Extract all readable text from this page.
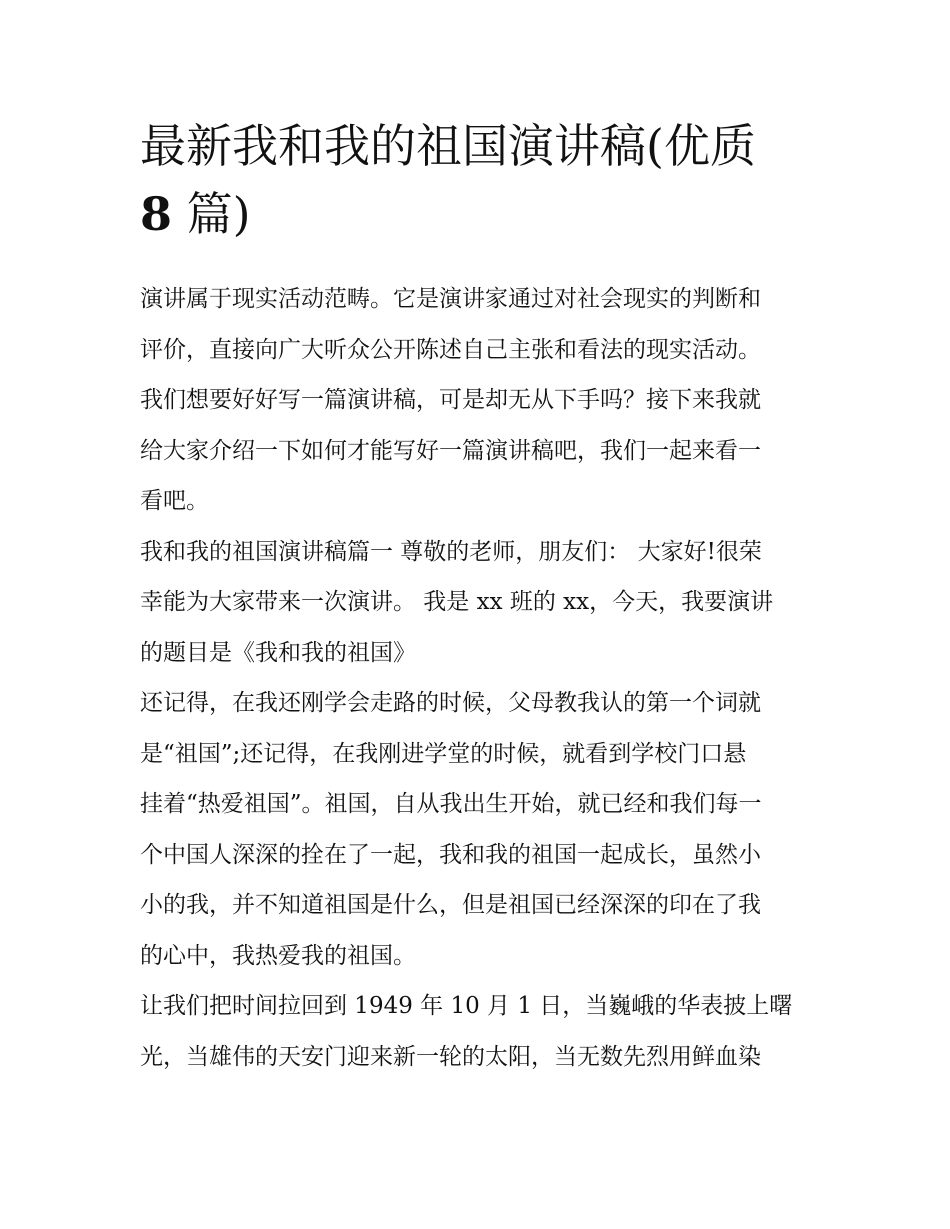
最新我和我的祖国演讲稿(优质
8 篇)

演讲属于现实活动范畴。它是演讲家通过对社会现实的判断和
评价，直接向广大听众公开陈述自己主张和看法的现实活动。
我们想要好好写一篇演讲稿，可是却无从下手吗？接下来我就
给大家介绍一下如何才能写好一篇演讲稿吧，我们一起来看一
看吧。

我和我的祖国演讲稿篇一 尊敬的老师，朋友们： 大家好!很荣
幸能为大家带来一次演讲。 我是 xx 班的 xx，今天，我要演讲
的题目是《我和我的祖国》

还记得，在我还刚学会走路的时候，父母教我认的第一个词就
是“祖国”;还记得，在我刚进学堂的时候，就看到学校门口悬
挂着“热爱祖国”。祖国，自从我出生开始，就已经和我们每一
个中国人深深的拴在了一起，我和我的祖国一起成长，虽然小
小的我，并不知道祖国是什么，但是祖国已经深深的印在了我
的心中，我热爱我的祖国。

让我们把时间拉回到 1949 年 10 月 1 日，当巍峨的华表披上曙
光，当雄伟的天安门迎来新一轮的太阳，当无数先烈用鲜血染
